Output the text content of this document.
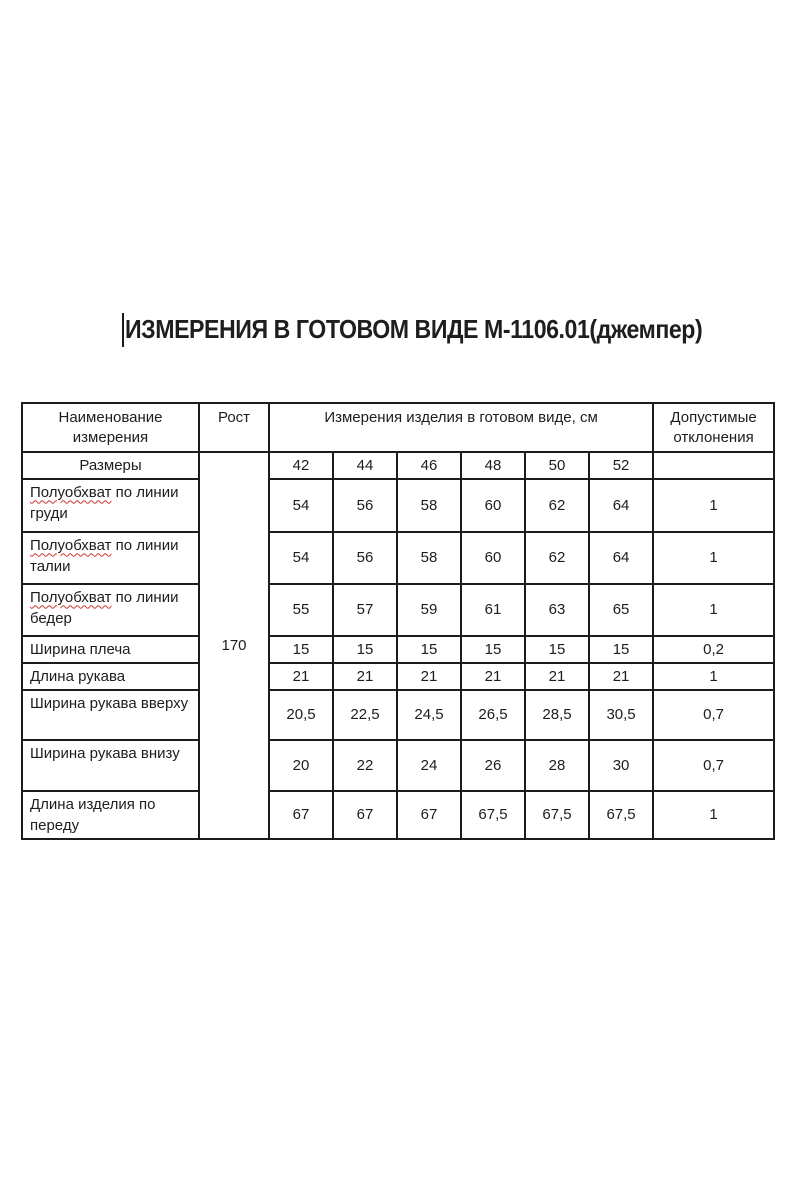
ИЗМЕРЕНИЯ В ГОТОВОМ ВИДЕ М-1106.01(джемпер)
Наименование измерения	Рост	Измерения изделия в готовом виде, см						Допустимые отклонения
Размеры	170	42	44	46	48	50	52	
Полуобхват по линии груди		54	56	58	60	62	64	1
Полуобхват по линии талии		54	56	58	60	62	64	1
Полуобхват по линии бедер		55	57	59	61	63	65	1
Ширина плеча		15	15	15	15	15	15	0,2
Длина рукава		21	21	21	21	21	21	1
Ширина рукава вверху		20,5	22,5	24,5	26,5	28,5	30,5	0,7
Ширина рукава внизу		20	22	24	26	28	30	0,7
Длина изделия по переду		67	67	67	67,5	67,5	67,5	1
